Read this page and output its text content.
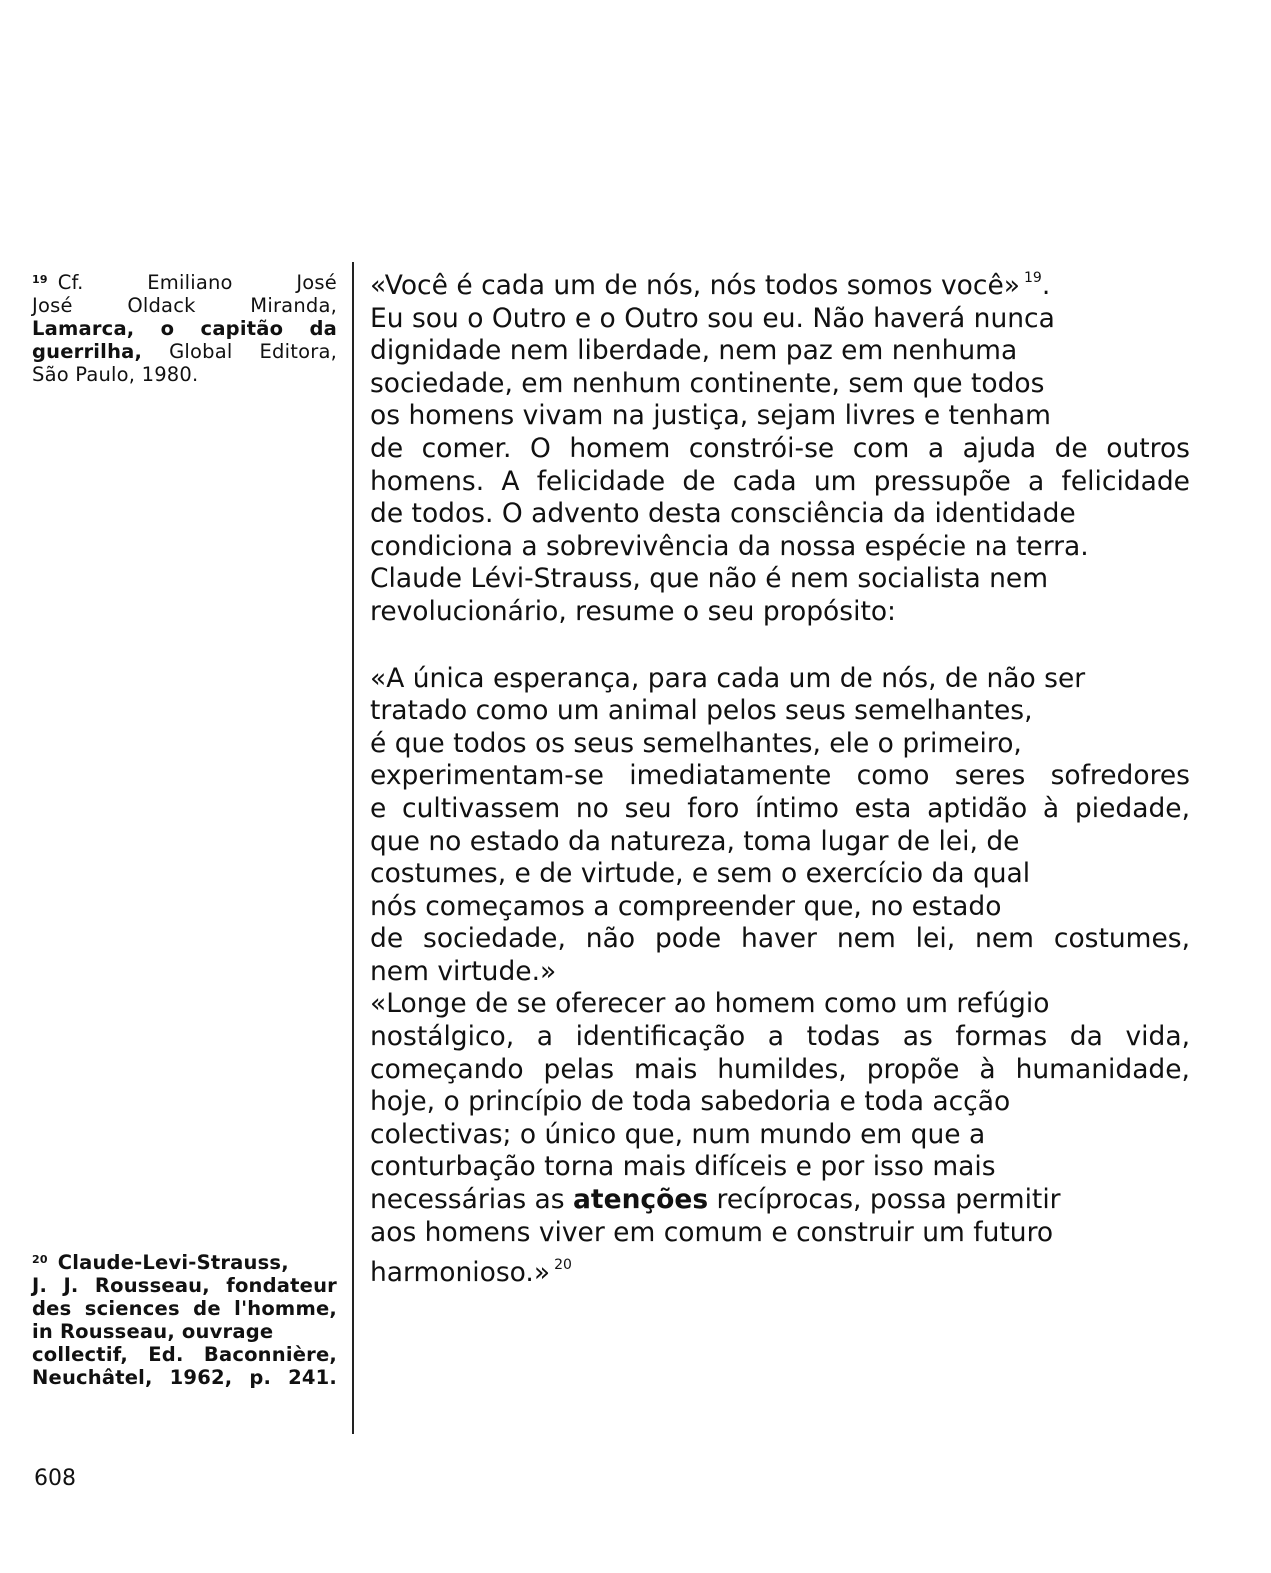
$^{19}$ Cf. Emiliano José
José Oldack Miranda,
Lamarca, o capitão da
guerrilha, Global Editora,
São Paulo, 1980.
$^{20}$ Claude-Levi-Strauss,
J. J. Rousseau, fondateur
des sciences de l'homme,
in Rousseau, ouvrage
collectif, Ed. Baconnière,
Neuchâtel, 1962, p. 241.
«Você é cada um de nós, nós todos somos você» $^{19}$.
Eu sou o Outro e o Outro sou eu. Não haverá nunca
dignidade nem liberdade, nem paz em nenhuma
sociedade, em nenhum continente, sem que todos
os homens vivam na justiça, sejam livres e tenham
de comer. O homem constrói-se com a ajuda de outros
homens. A felicidade de cada um pressupõe a felicidade
de todos. O advento desta consciência da identidade
condiciona a sobrevivência da nossa espécie na terra.
Claude Lévi-Strauss, que não é nem socialista nem
revolucionário, resume o seu propósito:
«A única esperança, para cada um de nós, de não ser
tratado como um animal pelos seus semelhantes,
é que todos os seus semelhantes, ele o primeiro,
experimentam-se imediatamente como seres sofredores
e cultivassem no seu foro íntimo esta aptidão à piedade,
que no estado da natureza, toma lugar de lei, de
costumes, e de virtude, e sem o exercício da qual
nós começamos a compreender que, no estado
de sociedade, não pode haver nem lei, nem costumes,
nem virtude.»
«Longe de se oferecer ao homem como um refúgio
nostálgico, a identificação a todas as formas da vida,
começando pelas mais humildes, propõe à humanidade,
hoje, o princípio de toda sabedoria e toda acção
colectivas; o único que, num mundo em que a
conturbação torna mais difíceis e por isso mais
necessárias as atenções recíprocas, possa permitir
aos homens viver em comum e construir um futuro
harmonioso.» $^{20}$
608
